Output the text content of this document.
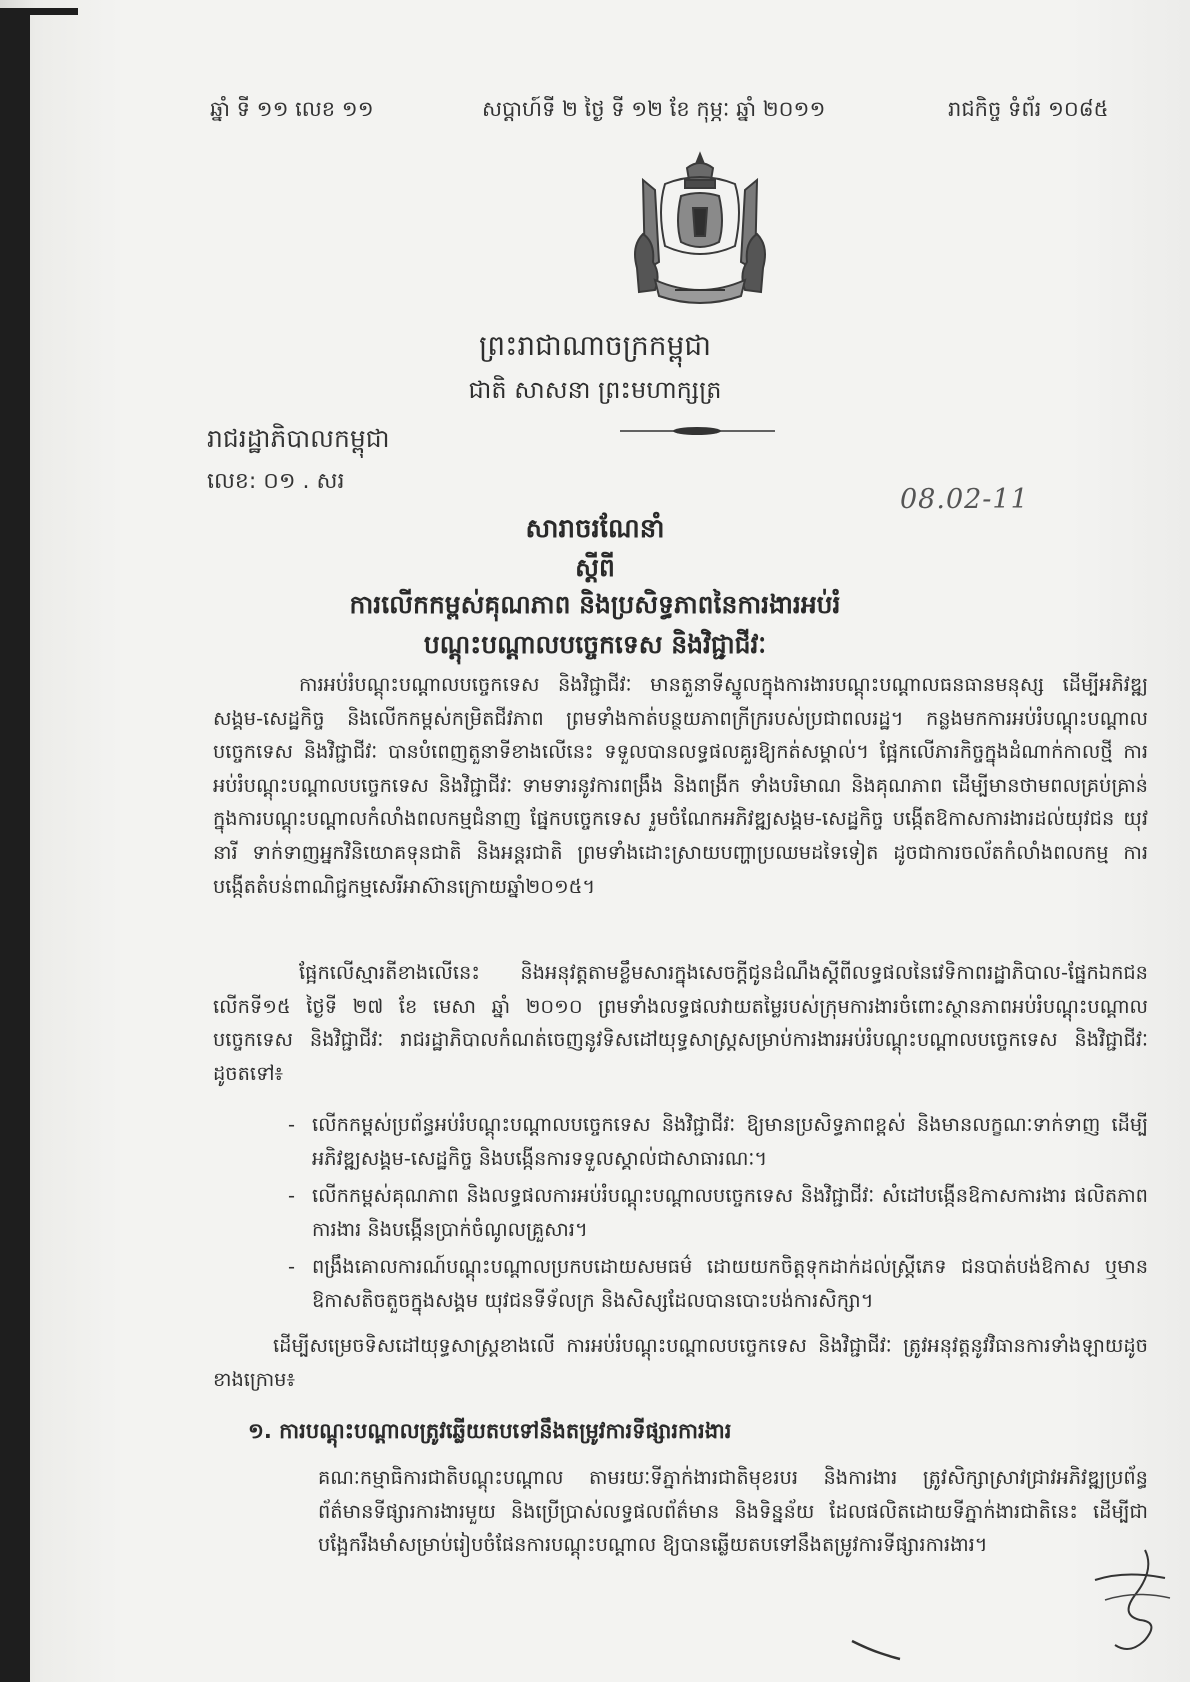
ឆ្នាំ ទី ១១ លេខ ១១	សប្តាហ៍ទី ២ ថ្ងៃ ទី ១២ ខែ កុម្ភៈ ឆ្នាំ ២០១១	រាជកិច្ច ទំព័រ ១០៨៥
ព្រះរាជាណាចក្រកម្ពុជា
ជាតិ សាសនា ព្រះមហាក្សត្រ
រាជរដ្ឋាភិបាលកម្ពុជា
លេខ: ០១ . សរ
08.02-11
សារាចរណែនាំ
ស្តីពី
ការលើកកម្ពស់គុណភាព និងប្រសិទ្ធភាពនៃការងារអប់រំ
បណ្តុះបណ្តាលបច្ចេកទេស និងវិជ្ជាជីវៈ
ការអប់រំបណ្តុះបណ្តាលបច្ចេកទេស និងវិជ្ជាជីវៈ មានតួនាទីស្នូលក្នុងការងារបណ្តុះបណ្តាលធនធានមនុស្ស ដើម្បីអភិវឌ្ឍសង្គម-សេដ្ឋកិច្ច និងលើកកម្ពស់កម្រិតជីវភាព ព្រមទាំងកាត់បន្ថយភាពក្រីក្ររបស់ប្រជាពលរដ្ឋ។ កន្លងមកការអប់រំបណ្តុះបណ្តាលបច្ចេកទេស និងវិជ្ជាជីវៈ បានបំពេញតួនាទីខាងលើនេះ ទទួលបានលទ្ធផលគួរឱ្យកត់សម្គាល់។ ផ្អែកលើភារកិច្ចក្នុងដំណាក់កាលថ្មី ការអប់រំបណ្តុះបណ្តាលបច្ចេកទេស និងវិជ្ជាជីវៈ ទាមទារនូវការពង្រឹង និងពង្រីក ទាំងបរិមាណ និងគុណភាព ដើម្បីមានថាមពលគ្រប់គ្រាន់ក្នុងការបណ្តុះបណ្តាលកំលាំងពលកម្មជំនាញ ផ្នែកបច្ចេកទេស រួមចំណែកអភិវឌ្ឍសង្គម-សេដ្ឋកិច្ច បង្កើតឱកាសការងារដល់យុវជន យុវនារី ទាក់ទាញអ្នកវិនិយោគទុនជាតិ និងអន្តរជាតិ ព្រមទាំងដោះស្រាយបញ្ហាប្រឈមដទៃទៀត ដូចជាការចល័តកំលាំងពលកម្ម ការបង្កើតតំបន់ពាណិជ្ជកម្មសេរីអាស៊ានក្រោយឆ្នាំ២០១៥។
ផ្អែកលើស្មារតីខាងលើនេះ និងអនុវត្តតាមខ្លឹមសារក្នុងសេចក្តីជូនដំណឹងស្តីពីលទ្ធផលនៃវេទិកាពរដ្ឋាភិបាល-ផ្នែកឯកជន លើកទី១៥ ថ្ងៃទី ២៧ ខែ មេសា ឆ្នាំ ២០១០ ព្រមទាំងលទ្ធផលវាយតម្លៃរបស់ក្រុមការងារចំពោះស្ថានភាពអប់រំបណ្តុះបណ្តាលបច្ចេកទេស និងវិជ្ជាជីវៈ រាជរដ្ឋាភិបាលកំណត់ចេញនូវទិសដៅយុទ្ធសាស្ត្រសម្រាប់ការងារអប់រំបណ្តុះបណ្តាលបច្ចេកទេស និងវិជ្ជាជីវៈ ដូចតទៅ៖
- លើកកម្ពស់ប្រព័ន្ធអប់រំបណ្តុះបណ្តាលបច្ចេកទេស និងវិជ្ជាជីវៈ ឱ្យមានប្រសិទ្ធភាពខ្ពស់ និងមានលក្ខណៈទាក់ទាញ ដើម្បីអភិវឌ្ឍសង្គម-សេដ្ឋកិច្ច និងបង្កើនការទទួលស្គាល់ជាសាធារណៈ។
- លើកកម្ពស់គុណភាព និងលទ្ធផលការអប់រំបណ្តុះបណ្តាលបច្ចេកទេស និងវិជ្ជាជីវៈ សំដៅបង្កើនឱកាសការងារ ផលិតភាពការងារ និងបង្កើនប្រាក់ចំណូលគ្រួសារ។
- ពង្រឹងគោលការណ៍បណ្តុះបណ្តាលប្រកបដោយសមធម៌ ដោយយកចិត្តទុកដាក់ដល់ស្ត្រីភេទ ជនបាត់បង់ឱកាស ឬមានឱកាសតិចតួចក្នុងសង្គម យុវជនទីទ័លក្រ និងសិស្សដែលបានបោះបង់ការសិក្សា។
ដើម្បីសម្រេចទិសដៅយុទ្ធសាស្ត្រខាងលើ ការអប់រំបណ្តុះបណ្តាលបច្ចេកទេស និងវិជ្ជាជីវៈ ត្រូវអនុវត្តនូវវិធានការទាំងឡាយដូចខាងក្រោម៖
១. ការបណ្តុះបណ្តាលត្រូវឆ្លើយតបទៅនឹងតម្រូវការទីផ្សារការងារ
គណៈកម្មាធិការជាតិបណ្តុះបណ្តាល តាមរយៈទីភ្នាក់ងារជាតិមុខរបរ និងការងារ ត្រូវសិក្សាស្រាវជ្រាវអភិវឌ្ឍប្រព័ន្ធព័ត៌មានទីផ្សារការងារមួយ និងប្រើប្រាស់លទ្ធផលព័ត៌មាន និងទិន្នន័យ ដែលផលិតដោយទីភ្នាក់ងារជាតិនេះ ដើម្បីជាបង្អែករឹងមាំសម្រាប់រៀបចំផែនការបណ្តុះបណ្តាល ឱ្យបានឆ្លើយតបទៅនឹងតម្រូវការទីផ្សារការងារ។
